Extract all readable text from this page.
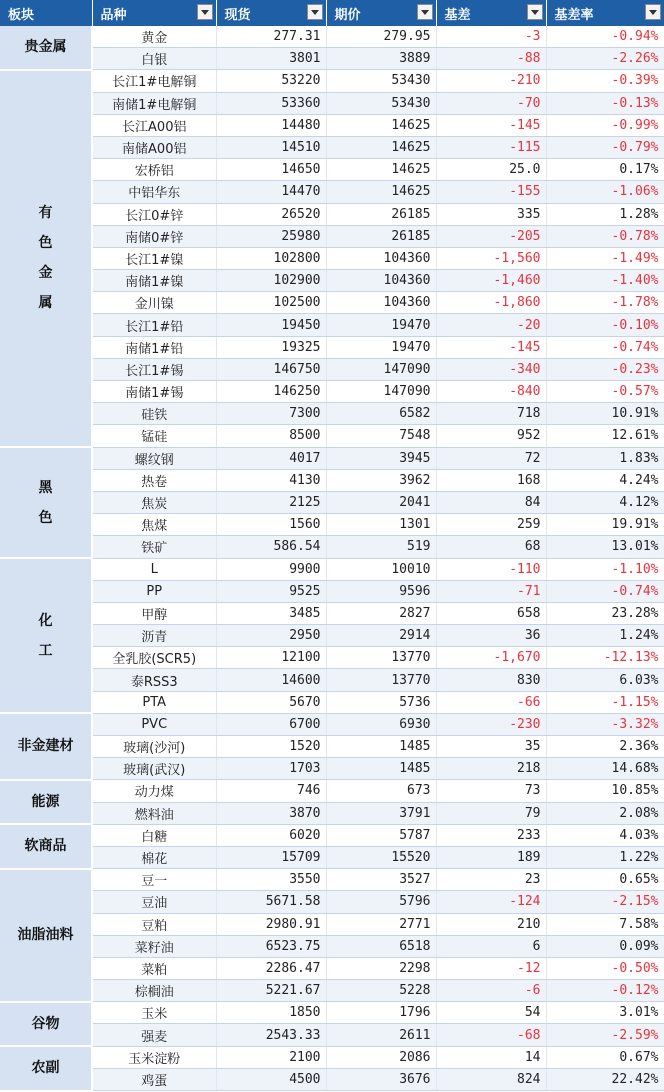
板块	品种	现货	期价	基差	基差率

贵金属	黄金	277.31	279.95	-3	-0.94%
	白银	3801	3889	-88	-2.26%
有色金属	长江1#电解铜	53220	53430	-210	-0.39%
	南储1#电解铜	53360	53430	-70	-0.13%
	长江A00铝	14480	14625	-145	-0.99%
	南储A00铝	14510	14625	-115	-0.79%
	宏桥铝	14650	14625	25.0	0.17%
	中铝华东	14470	14625	-155	-1.06%
	长江0#锌	26520	26185	335	1.28%
	南储0#锌	25980	26185	-205	-0.78%
	长江1#镍	102800	104360	-1,560	-1.49%
	南储1#镍	102900	104360	-1,460	-1.40%
	金川镍	102500	104360	-1,860	-1.78%
	长江1#铅	19450	19470	-20	-0.10%
	南储1#铅	19325	19470	-145	-0.74%
	长江1#锡	146750	147090	-340	-0.23%
	南储1#锡	146250	147090	-840	-0.57%
	硅铁	7300	6582	718	10.91%
	锰硅	8500	7548	952	12.61%
黑色	螺纹钢	4017	3945	72	1.83%
	热卷	4130	3962	168	4.24%
	焦炭	2125	2041	84	4.12%
	焦煤	1560	1301	259	19.91%
	铁矿	586.54	519	68	13.01%
化工	L	9900	10010	-110	-1.10%
	PP	9525	9596	-71	-0.74%
	甲醇	3485	2827	658	23.28%
	沥青	2950	2914	36	1.24%
	全乳胶(SCR5)	12100	13770	-1,670	-12.13%
	泰RSS3	14600	13770	830	6.03%
	PTA	5670	5736	-66	-1.15%
非金建材	PVC	6700	6930	-230	-3.32%
	玻璃(沙河)	1520	1485	35	2.36%
	玻璃(武汉)	1703	1485	218	14.68%
能源	动力煤	746	673	73	10.85%
	燃料油	3870	3791	79	2.08%
软商品	白糖	6020	5787	233	4.03%
	棉花	15709	15520	189	1.22%
油脂油料	豆一	3550	3527	23	0.65%
	豆油	5671.58	5796	-124	-2.15%
	豆粕	2980.91	2771	210	7.58%
	菜籽油	6523.75	6518	6	0.09%
	菜粕	2286.47	2298	-12	-0.50%
	棕榈油	5221.67	5228	-6	-0.12%
谷物	玉米	1850	1796	54	3.01%
	强麦	2543.33	2611	-68	-2.59%
农副	玉米淀粉	2100	2086	14	0.67%
	鸡蛋	4500	3676	824	22.42%
